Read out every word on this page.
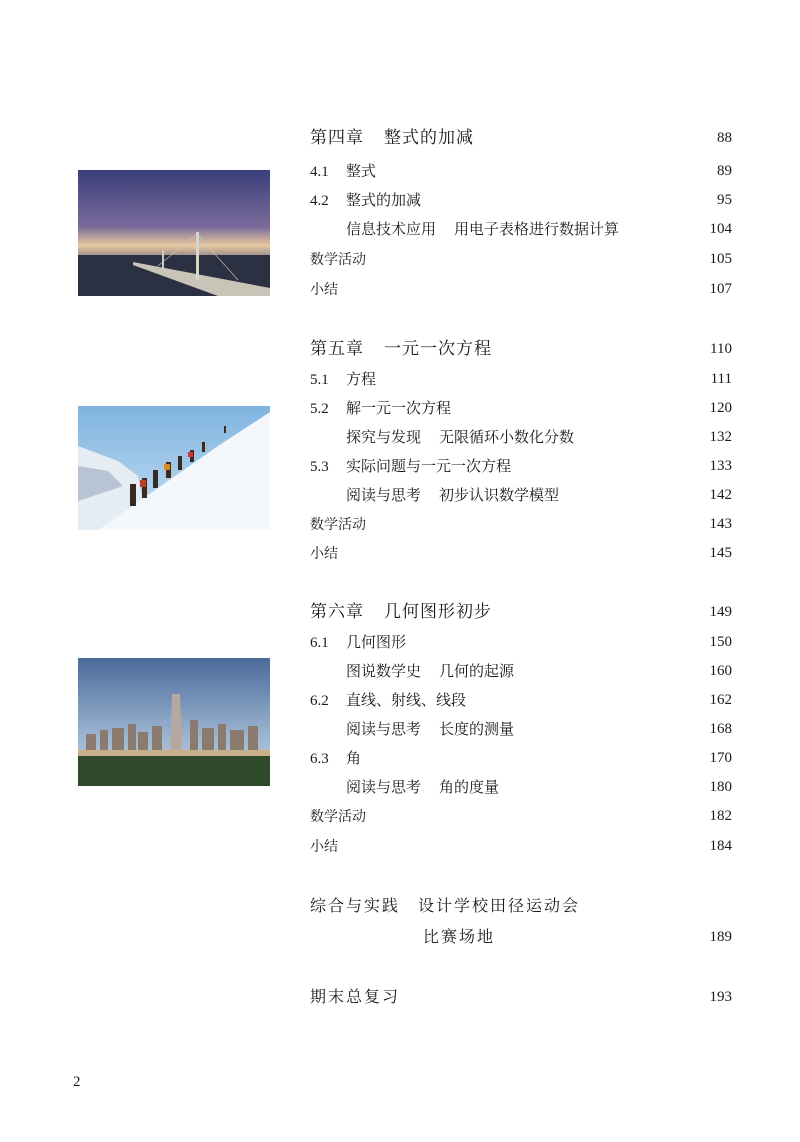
第四章 整式的加减	88
4.1 整式	89
4.2 整式的加减	95
信息技术应用 用电子表格进行数据计算	104
数学活动	105
小结	107
第五章 一元一次方程	110
5.1 方程	111
5.2 解一元一次方程	120
探究与发现 无限循环小数化分数	132
5.3 实际问题与一元一次方程	133
阅读与思考 初步认识数学模型	142
数学活动	143
小结	145
第六章 几何图形初步	149
6.1 几何图形	150
图说数学史 几何的起源	160
6.2 直线、射线、线段	162
阅读与思考 长度的测量	168
6.3 角	170
阅读与思考 角的度量	180
数学活动	182
小结	184
综合与实践 设计学校田径运动会
比赛场地	189
期末总复习	193
2
